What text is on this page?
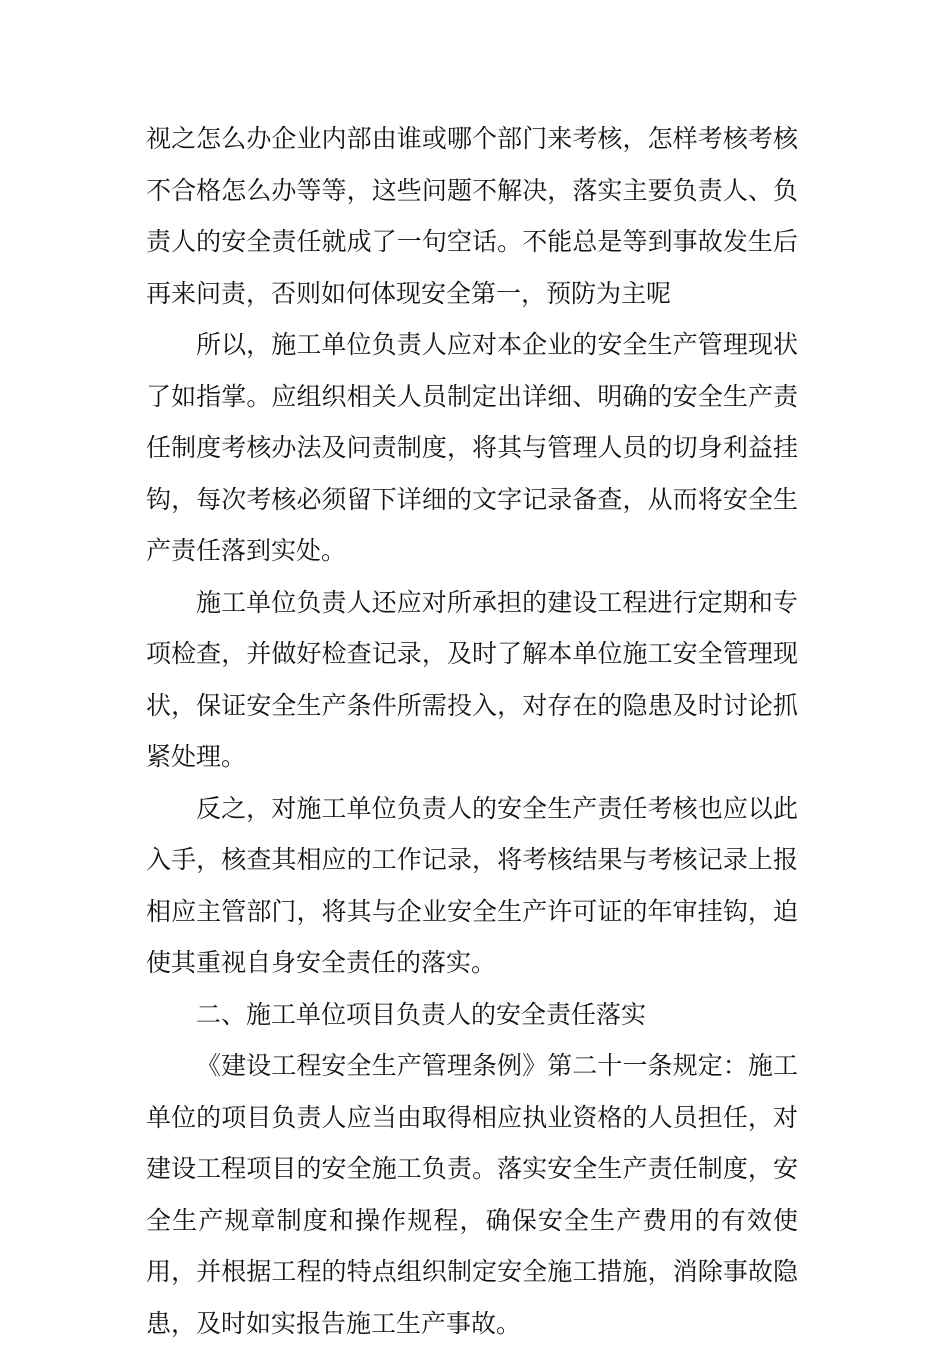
视之怎么办企业内部由谁或哪个部门来考核，怎样考核考核不合格怎么办等等，这些问题不解决，落实主要负责人、负责人的安全责任就成了一句空话。不能总是等到事故发生后再来问责，否则如何体现安全第一，预防为主呢

所以，施工单位负责人应对本企业的安全生产管理现状了如指掌。应组织相关人员制定出详细、明确的安全生产责任制度考核办法及问责制度，将其与管理人员的切身利益挂钩，每次考核必须留下详细的文字记录备查，从而将安全生产责任落到实处。

施工单位负责人还应对所承担的建设工程进行定期和专项检查，并做好检查记录，及时了解本单位施工安全管理现状，保证安全生产条件所需投入，对存在的隐患及时讨论抓紧处理。

反之，对施工单位负责人的安全生产责任考核也应以此入手，核查其相应的工作记录，将考核结果与考核记录上报相应主管部门，将其与企业安全生产许可证的年审挂钩，迫使其重视自身安全责任的落实。

二、施工单位项目负责人的安全责任落实

《建设工程安全生产管理条例》第二十一条规定：施工单位的项目负责人应当由取得相应执业资格的人员担任，对建设工程项目的安全施工负责。落实安全生产责任制度，安全生产规章制度和操作规程，确保安全生产费用的有效使用，并根据工程的特点组织制定安全施工措施，消除事故隐患，及时如实报告施工生产事故。
